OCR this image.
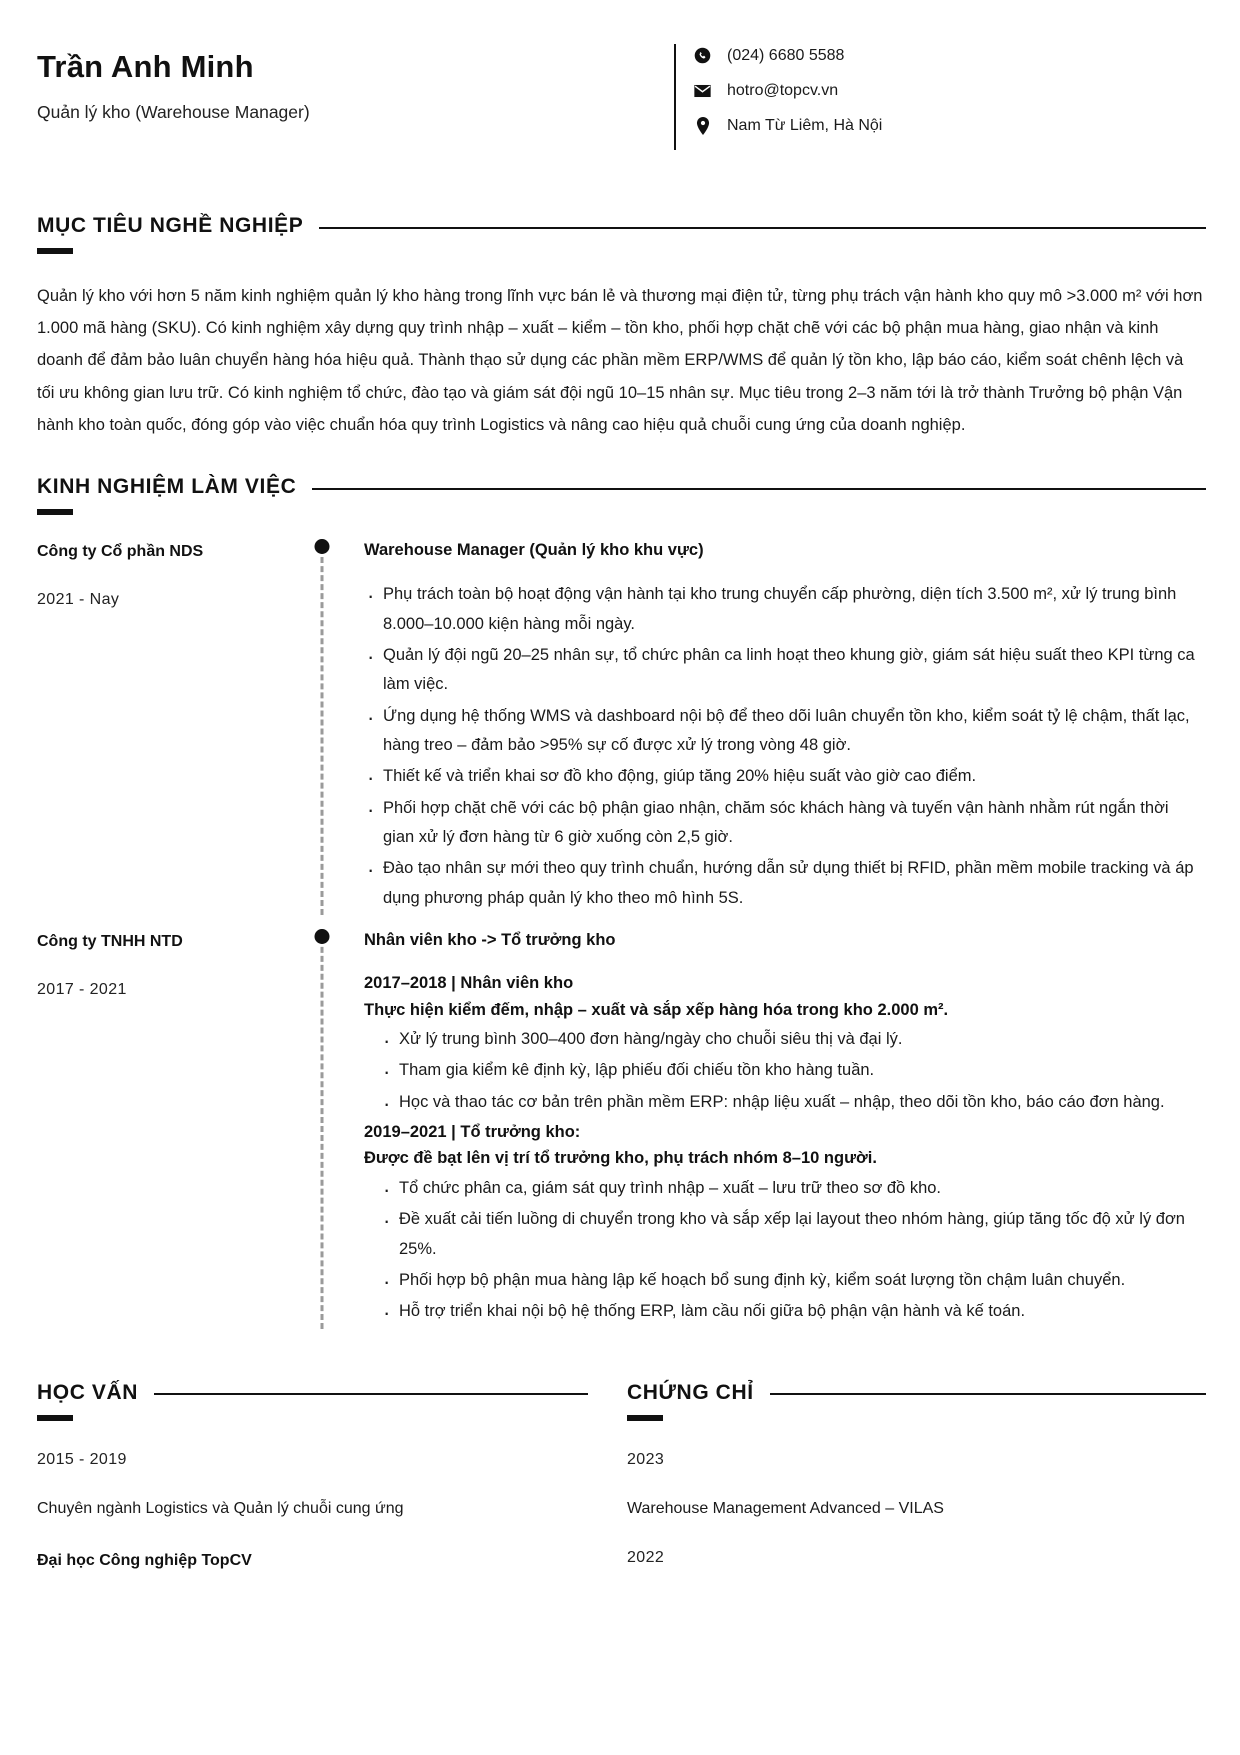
Trần Anh Minh
Quản lý kho (Warehouse Manager)
(024) 6680 5588
hotro@topcv.vn
Nam Từ Liêm, Hà Nội
MỤC TIÊU NGHỀ NGHIỆP
Quản lý kho với hơn 5 năm kinh nghiệm quản lý kho hàng trong lĩnh vực bán lẻ và thương mại điện tử, từng phụ trách vận hành kho quy mô >3.000 m² với hơn 1.000 mã hàng (SKU). Có kinh nghiệm xây dựng quy trình nhập – xuất – kiểm – tồn kho, phối hợp chặt chẽ với các bộ phận mua hàng, giao nhận và kinh doanh để đảm bảo luân chuyển hàng hóa hiệu quả. Thành thạo sử dụng các phần mềm ERP/WMS để quản lý tồn kho, lập báo cáo, kiểm soát chênh lệch và tối ưu không gian lưu trữ. Có kinh nghiệm tổ chức, đào tạo và giám sát đội ngũ 10–15 nhân sự. Mục tiêu trong 2–3 năm tới là trở thành Trưởng bộ phận Vận hành kho toàn quốc, đóng góp vào việc chuẩn hóa quy trình Logistics và nâng cao hiệu quả chuỗi cung ứng của doanh nghiệp.
KINH NGHIỆM LÀM VIỆC
Công ty Cổ phần NDS
2021 - Nay
Warehouse Manager (Quản lý kho khu vực)
· Phụ trách toàn bộ hoạt động vận hành tại kho trung chuyển cấp phường, diện tích 3.500 m², xử lý trung bình 8.000–10.000 kiện hàng mỗi ngày.
· Quản lý đội ngũ 20–25 nhân sự, tổ chức phân ca linh hoạt theo khung giờ, giám sát hiệu suất theo KPI từng ca làm việc.
· Ứng dụng hệ thống WMS và dashboard nội bộ để theo dõi luân chuyển tồn kho, kiểm soát tỷ lệ chậm, thất lạc, hàng treo – đảm bảo >95% sự cố được xử lý trong vòng 48 giờ.
· Thiết kế và triển khai sơ đồ kho động, giúp tăng 20% hiệu suất vào giờ cao điểm.
· Phối hợp chặt chẽ với các bộ phận giao nhận, chăm sóc khách hàng và tuyến vận hành nhằm rút ngắn thời gian xử lý đơn hàng từ 6 giờ xuống còn 2,5 giờ.
· Đào tạo nhân sự mới theo quy trình chuẩn, hướng dẫn sử dụng thiết bị RFID, phần mềm mobile tracking và áp dụng phương pháp quản lý kho theo mô hình 5S.
Công ty TNHH NTD
2017 - 2021
Nhân viên kho -> Tổ trưởng kho
2017–2018 | Nhân viên kho
Thực hiện kiểm đếm, nhập – xuất và sắp xếp hàng hóa trong kho 2.000 m².
· Xử lý trung bình 300–400 đơn hàng/ngày cho chuỗi siêu thị và đại lý.
· Tham gia kiểm kê định kỳ, lập phiếu đối chiếu tồn kho hàng tuần.
· Học và thao tác cơ bản trên phần mềm ERP: nhập liệu xuất – nhập, theo dõi tồn kho, báo cáo đơn hàng.
2019–2021 | Tổ trưởng kho:
Được đề bạt lên vị trí tổ trưởng kho, phụ trách nhóm 8–10 người.
· Tổ chức phân ca, giám sát quy trình nhập – xuất – lưu trữ theo sơ đồ kho.
· Đề xuất cải tiến luồng di chuyển trong kho và sắp xếp lại layout theo nhóm hàng, giúp tăng tốc độ xử lý đơn 25%.
· Phối hợp bộ phận mua hàng lập kế hoạch bổ sung định kỳ, kiểm soát lượng tồn chậm luân chuyển.
· Hỗ trợ triển khai nội bộ hệ thống ERP, làm cầu nối giữa bộ phận vận hành và kế toán.
HỌC VẤN
2015 - 2019
Chuyên ngành Logistics và Quản lý chuỗi cung ứng
Đại học Công nghiệp TopCV
CHỨNG CHỈ
2023
Warehouse Management Advanced – VILAS
2022
